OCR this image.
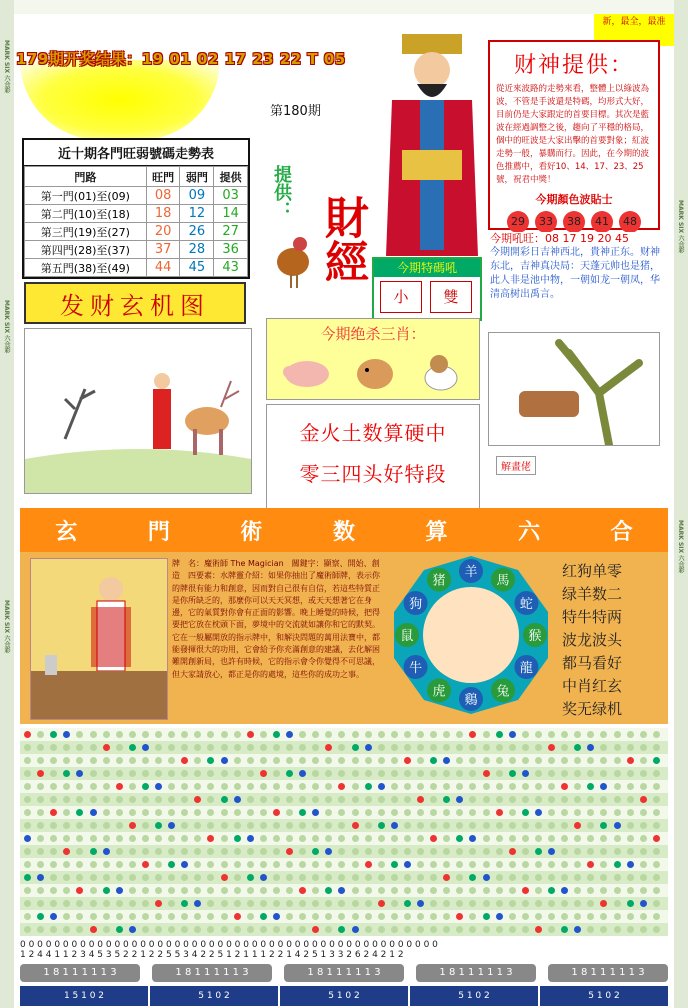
MARK SIX 六合彩
MARK SIX 六合彩
MARK SIX 六合彩
MARK SIX 六合彩
MARK SIX 六合彩
179期开奖结果：19 01 02 17 23 22 T 05
第180期
新，最全，最准
近十期各門旺弱號碼走勢表
門路	旺門	弱門	提供
第一門(01)至(09)	08	09	03
第二門(10)至(18)	18	12	14
第三門(19)至(27)	20	26	27
第四門(28)至(37)	37	28	36
第五門(38)至(49)	44	45	43
发财玄机图
提供：
財經	今期特碼吼
小	雙
今期绝杀三肖：
金火土数算硬中
零三四头好特段
财神提供：
從近來波路的走勢來看，整體上以綠波為波，不管是手波還是特碼，均形式大好，目前仍是大家跟定的首要目標。其次是藍波在經過調整之後，趨向了平穩的格局，個中的旺波是大家出擊的首要對象；紅波走勢一般，暴購而行。因此，在今期的波色推薦中，看好10、14、17、23、25號，祝君中獎！
今期顏色波貼士
29	33	38	41	48
今期吼旺：08 17 19 20 45
今期開彩日吉神西北，貴神正东。财神东北，吉神真决局：天蓬元帅也是猪，此人非是池中物，一朝如龙一朝凤，华清高树出禹言。
解畫佬
玄	門	術	数	算	六	合
牌　名：魔術師 The Magician　關鍵字：顯察、開始、創造　四要素：水牌靈介紹：如果你抽出了魔術師牌，表示你的牌很有能力和創意，因而對自己很有自信，若這些特質正是你所缺乏的，那麼你可以天天冥想，或天天想著它在身邊，它的氣質對你會有正面的影響。晚上睡覺的時候，把得要把它放在枕頭下面，夢境中的交流就如讓你和它的默契。它在一般屬開放的指示牌中，和解決問題的萬用法寶中，都能發揮很大的功用，它會給予你充滿創意的建議，去化解困難開創新局，也許有時候，它的指示會令你覺得不可思議，但大家請放心，都正是你的處境，這些你的成功之事。
羊
馬
蛇
猴
龍
兔
鷄
虎
牛
鼠
狗
猪
红狗单零
绿羊数二
特牛特两
波龙波头
都马看好
中肖红玄
奖无绿机
0 0 0 0 0 0 0 0 0 0 0 0 0 0 0 0 0 0 0 0 0 0 0 0 0 0 0 0 0 0 0 0 0 0 0 0 0 0 0 0 0 0 0 0 0 0 0 0 0
1 2 4 4 1 1 2 3 4 5 3 5 2 2 1 2 2 5 5 3 4 2 2 5 1 2 1 1 1 2 2 1 4 2 5 1 3 3 2 6 2 4 2 1 2
1 8 1 1 1 1 1 3	1 8 1 1 1 1 1 3	1 8 1 1 1 1 1 3	1 8 1 1 1 1 1 3	1 8 1 1 1 1 1 3
1 5 1 0 2	5 1 0 2	5 1 0 2	5 1 0 2	5 1 0 2
